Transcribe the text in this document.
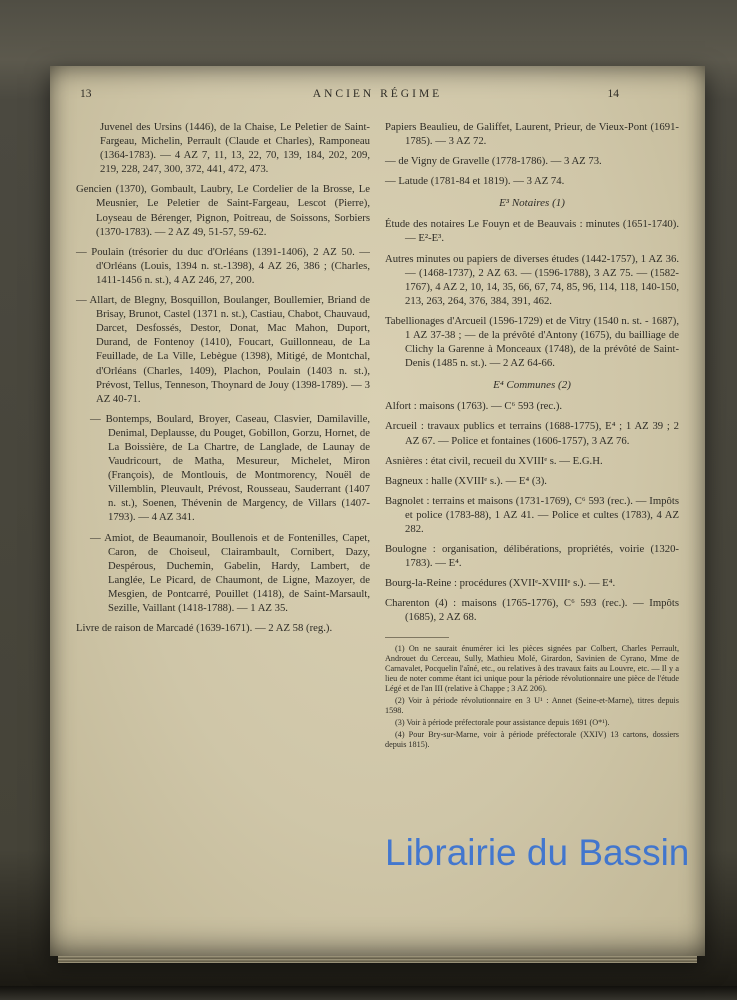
13	ANCIEN RÉGIME	14

Juvenel des Ursins (1446), de la Chaise, Le Peletier de Saint-Fargeau, Michelin, Perrault (Claude et Charles), Ramponeau (1364-1783). — 4 AZ 7, 11, 13, 22, 70, 139, 184, 202, 209, 219, 228, 247, 300, 372, 441, 472, 473.

Gencien (1370), Gombault, Laubry, Le Cordelier de la Brosse, Le Meusnier, Le Peletier de Saint-Fargeau, Lescot (Pierre), Loyseau de Bérenger, Pignon, Poitreau, de Soissons, Sorbiers (1370-1783). — 2 AZ 49, 51-57, 59-62.

— Poulain (trésorier du duc d'Orléans (1391-1406), 2 AZ 50. — d'Orléans (Louis, 1394 n. st.-1398), 4 AZ 26, 386 ; (Charles, 1411-1456 n. st.), 4 AZ 246, 27, 200.

— Allart, de Blegny, Bosquillon, Boulanger, Boullemier, Briand de Brisay, Brunot, Castel (1371 n. st.), Castiau, Chabot, Chauvaud, Darcet, Desfossés, Destor, Donat, Mac Mahon, Duport, Durand, de Fontenoy (1410), Foucart, Guillonneau, de La Feuillade, de La Ville, Lebègue (1398), Mitigé, de Montchal, d'Orléans (Charles, 1409), Plachon, Poulain (1403 n. st.), Prévost, Tellus, Tenneson, Thoynard de Jouy (1398-1789). — 3 AZ 40-71.

— Bontemps, Boulard, Broyer, Caseau, Clasvier, Damilaville, Denimal, Deplausse, du Pouget, Gobillon, Gorzu, Hornet, de La Boissière, de La Chartre, de Langlade, de Launay de Vaudricourt, de Matha, Mesureur, Michelet, Miron (François), de Montlouis, de Montmorency, Nouël de Villemblin, Pleuvault, Prévost, Rousseau, Sauderrant (1407 n. st.), Soenen, Thévenin de Margency, de Villars (1407-1793). — 4 AZ 341.

— Amiot, de Beaumanoir, Boullenois et de Fontenilles, Capet, Caron, de Choiseul, Clairambault, Cornibert, Dazy, Despérous, Duchemin, Gabelin, Hardy, Lambert, de Langlée, Le Picard, de Chaumont, de Ligne, Mazoyer, de Mesgien, de Pontcarré, Pouillet (1418), de Saint-Marsault, Sezille, Vaillant (1418-1788). — 1 AZ 35.

Livre de raison de Marcadé (1639-1671). — 2 AZ 58 (reg.).

Papiers Beaulieu, de Galiffet, Laurent, Prieur, de Vieux-Pont (1691-1785). — 3 AZ 72.

— de Vigny de Gravelle (1778-1786). — 3 AZ 73.

— Latude (1781-84 et 1819). — 3 AZ 74.

E³ Notaires (1)

Étude des notaires Le Fouyn et de Beauvais : minutes (1651-1740). — E²-E³.

Autres minutes ou papiers de diverses études (1442-1757), 1 AZ 36. — (1468-1737), 2 AZ 63. — (1596-1788), 3 AZ 75. — (1582-1767), 4 AZ 2, 10, 14, 35, 66, 67, 74, 85, 96, 114, 118, 140-150, 213, 263, 264, 376, 384, 391, 462.

Tabellionages d'Arcueil (1596-1729) et de Vitry (1540 n. st. - 1687), 1 AZ 37-38 ; — de la prévôté d'Antony (1675), du bailliage de Clichy la Garenne à Monceaux (1748), de la prévôté de Saint-Denis (1485 n. st.). — 2 AZ 64-66.

E⁴ Communes (2)

Alfort : maisons (1763). — C⁶ 593 (rec.).

Arcueil : travaux publics et terrains (1688-1775), E⁴ ; 1 AZ 39 ; 2 AZ 67. — Police et fontaines (1606-1757), 3 AZ 76.

Asnières : état civil, recueil du XVIIIᵉ s. — E.G.H.

Bagneux : halle (XVIIIᵉ s.). — E⁴ (3).

Bagnolet : terrains et maisons (1731-1769), C⁶ 593 (rec.). — Impôts et police (1783-88), 1 AZ 41. — Police et cultes (1783), 4 AZ 282.

Boulogne : organisation, délibérations, propriétés, voirie (1320-1783). — E⁴.

Bourg-la-Reine : procédures (XVIIᵉ-XVIIIᵉ s.). — E⁴.

Charenton (4) : maisons (1765-1776), C⁶ 593 (rec.). — Impôts (1685), 2 AZ 68.

(1) On ne saurait énumérer ici les pièces signées par Colbert, Charles Perrault, Androuet du Cerceau, Sully, Mathieu Molé, Girardon, Savinien de Cyrano, Mme de Carnavalet, Pocquelin l'aîné, etc., ou relatives à des travaux faits au Louvre, etc. — Il y a lieu de noter comme étant ici unique pour la période révolutionnaire une pièce de l'étude Légé et de l'an III (relative à Chappe ; 3 AZ 206).

(2) Voir à période révolutionnaire en 3 U¹ : Annet (Seine-et-Marne), titres depuis 1598.

(3) Voir à période préfectorale pour assistance depuis 1691 (O*¹).

(4) Pour Bry-sur-Marne, voir à période préfectorale (XXIV) 13 cartons, dossiers depuis 1815).

Librairie du Bassin
